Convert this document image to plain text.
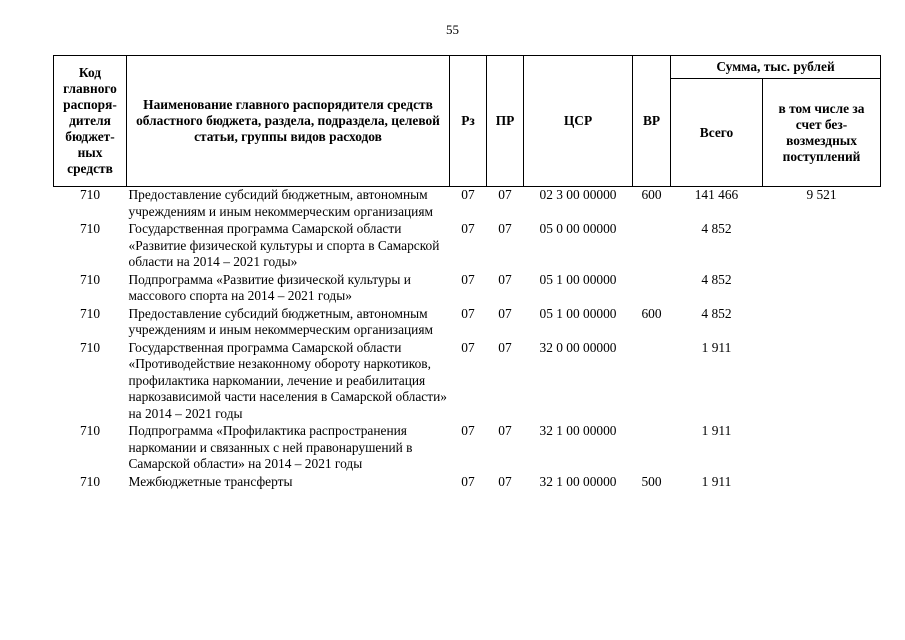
55
Код главного распоря-дителя бюджет-ных средств	Наименование главного распорядителя средств областного бюджета, раздела, подраздела, целевой статьи, группы видов расходов	Рз	ПР	ЦСР	ВР	Сумма, тыс. рублей	
						Всего	в том числе за счет без-возмездных поступлений
710	Предоставление субсидий бюджетным, автономным учреждениям и иным некоммерческим организациям	07	07	02 3 00 00000	600	141 466	9 521
710	Государственная программа Самарской области «Развитие физической культуры и спорта в Самарской области на 2014 – 2021 годы»	07	07	05 0 00 00000		4 852	
710	Подпрограмма «Развитие физической культуры и массового спорта на 2014 – 2021 годы»	07	07	05 1 00 00000		4 852	
710	Предоставление субсидий бюджетным, автономным учреждениям и иным некоммерческим организациям	07	07	05 1 00 00000	600	4 852	
710	Государственная программа Самарской области «Противодействие незаконному обороту наркотиков, профилактика наркомании, лечение и реабилитация наркозависимой части населения в Самарской области» на 2014 – 2021 годы	07	07	32 0 00 00000		1 911	
710	Подпрограмма «Профилактика распространения наркомании и связанных с ней правонарушений в Самарской области» на 2014 – 2021 годы	07	07	32 1 00 00000		1 911	
710	Межбюджетные трансферты	07	07	32 1 00 00000	500	1 911	
